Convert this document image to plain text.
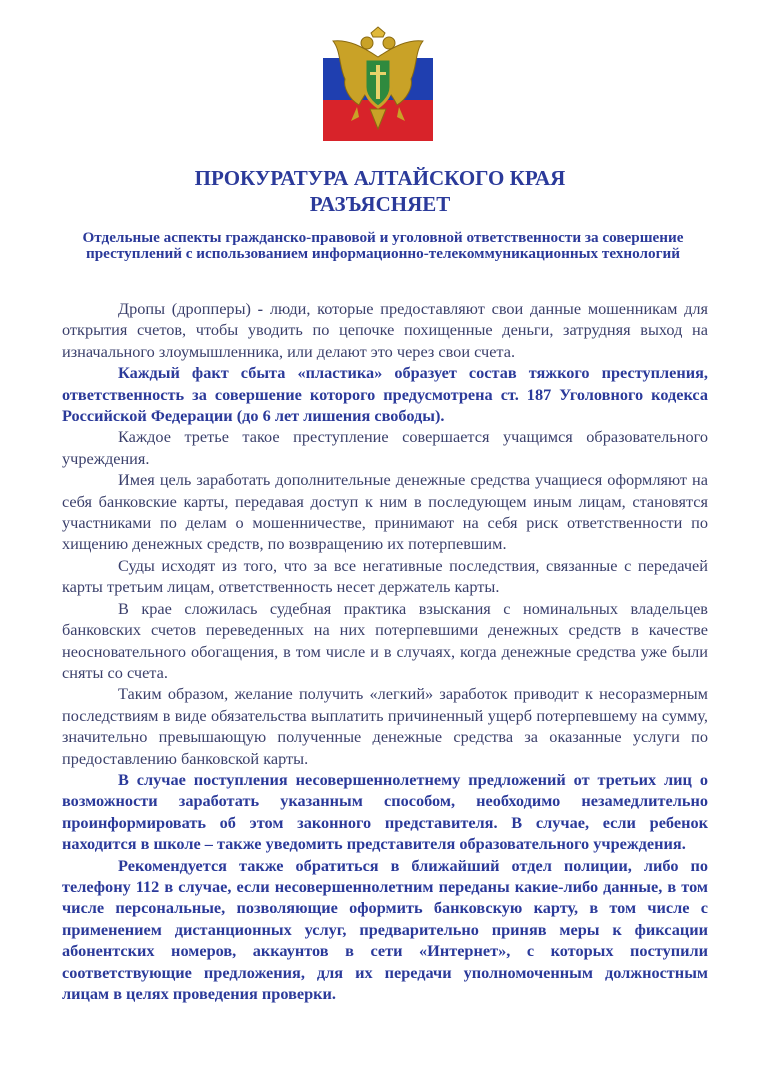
ПРОКУРАТУРА АЛТАЙСКОГО КРАЯ
РАЗЪЯСНЯЕТ
Отдельные аспекты гражданско-правовой и уголовной ответственности за совершение преступлений с использованием информационно-телекоммуникационных технологий

Дропы (дропперы) - люди, которые предоставляют свои данные мошенникам для открытия счетов, чтобы уводить по цепочке похищенные деньги, затрудняя выход на изначального злоумышленника, или делают это через свои счета.

Каждый факт сбыта «пластика» образует состав тяжкого преступления, ответственность за совершение которого предусмотрена ст. 187 Уголовного кодекса Российской Федерации (до 6 лет лишения свободы).

Каждое третье такое преступление совершается учащимся образовательного учреждения.

Имея цель заработать дополнительные денежные средства учащиеся оформляют на себя банковские карты, передавая доступ к ним в последующем иным лицам, становятся участниками по делам о мошенничестве, принимают на себя риск ответственности по хищению денежных средств, по возвращению их потерпевшим.

Суды исходят из того, что за все негативные последствия, связанные с передачей карты третьим лицам, ответственность несет держатель карты.

В крае сложилась судебная практика взыскания с номинальных владельцев банковских счетов переведенных на них потерпевшими денежных средств в качестве неосновательного обогащения, в том числе и в случаях, когда денежные средства уже были сняты со счета.

Таким образом, желание получить «легкий» заработок приводит к несоразмерным последствиям в виде обязательства выплатить причиненный ущерб потерпевшему на сумму, значительно превышающую полученные денежные средства за оказанные услуги по предоставлению банковской карты.

В случае поступления несовершеннолетнему предложений от третьих лиц о возможности заработать указанным способом, необходимо незамедлительно проинформировать об этом законного представителя. В случае, если ребенок находится в школе – также уведомить представителя образовательного учреждения.

Рекомендуется также обратиться в ближайший отдел полиции, либо по телефону 112 в случае, если несовершеннолетним переданы какие-либо данные, в том числе персональные, позволяющие оформить банковскую карту, в том числе с применением дистанционных услуг, предварительно приняв меры к фиксации абонентских номеров, аккаунтов в сети «Интернет», с которых поступили соответствующие предложения, для их передачи уполномоченным должностным лицам в целях проведения проверки.
